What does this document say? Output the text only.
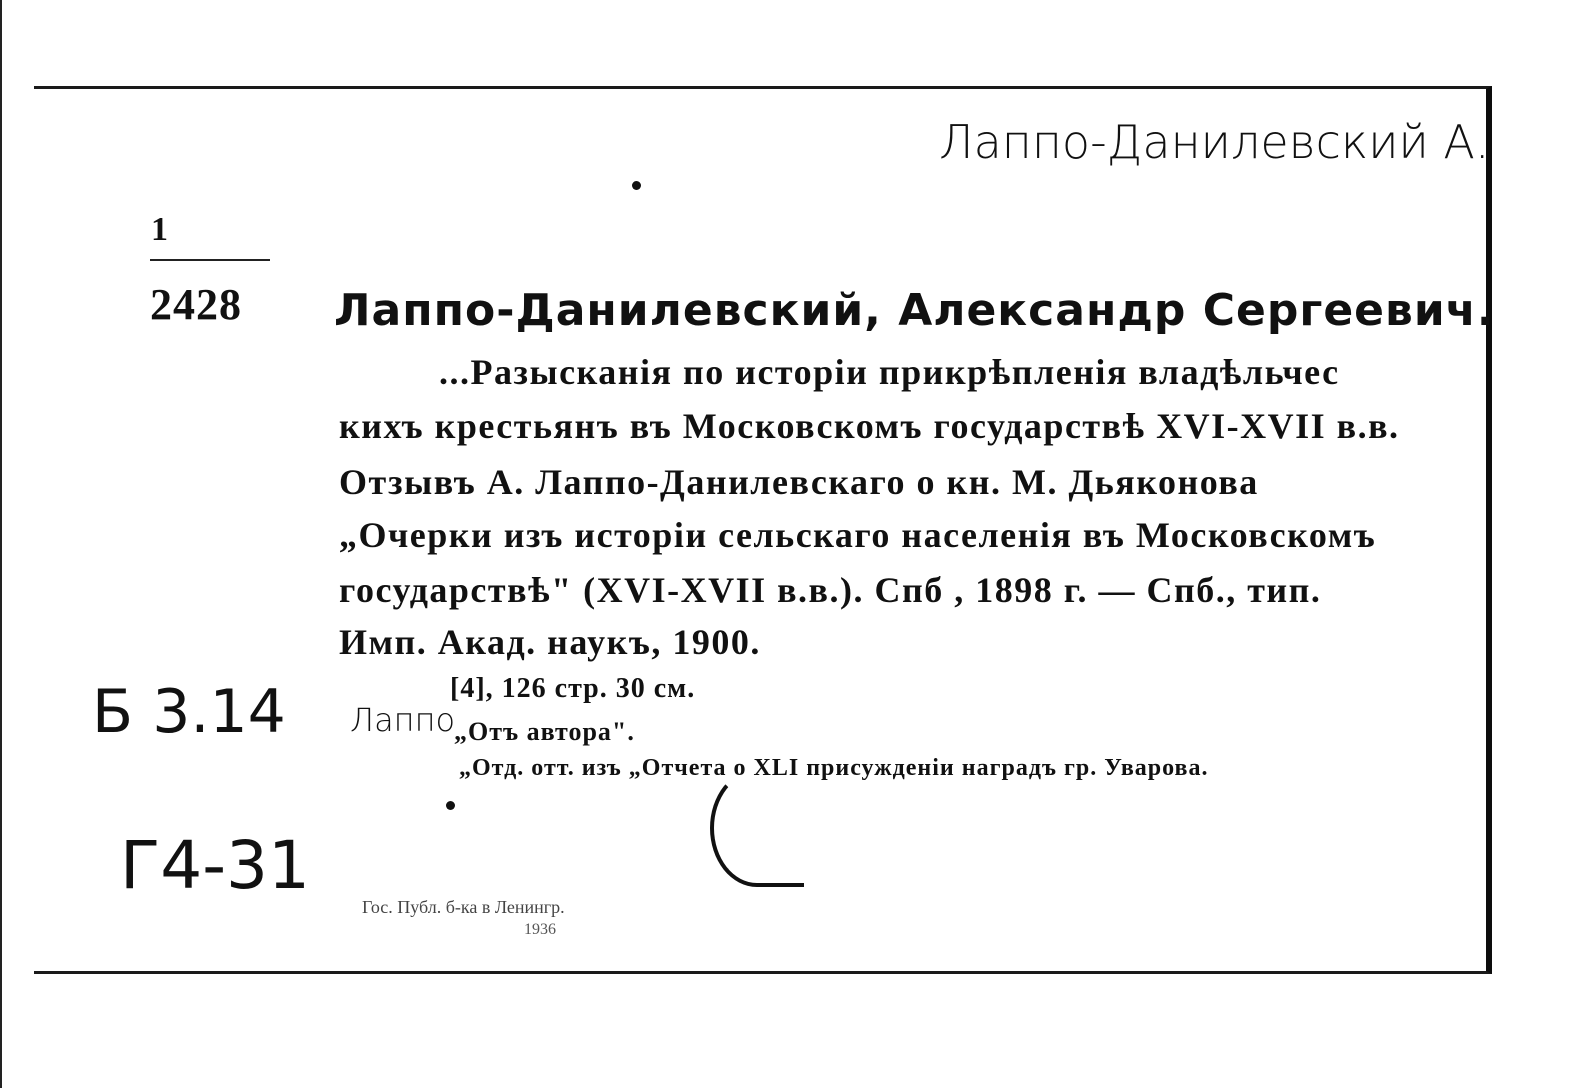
Лаппо-Данилевский А.
1
2428 Лаппо-Данилевский, Александр Сергеевич.
...Разысканія по исторіи прикрѣпленія владѣльчес
кихъ крестьянъ въ Московскомъ государствѣ XVI-XVII в.в.
Отзывъ А. Лаппо-Данилевскаго о кн. М. Дьяконова
„Очерки изъ исторіи сельскаго населенія въ Московскомъ
государствѣ" (XVI-XVII в.в.). Спб , 1898 г. — Спб., тип.
Имп. Акад. наукъ, 1900.
[4], 126 стр. 30 см.
„Отъ автора".
„Отд. отт. изъ „Отчета о XLI присужденіи наградъ гр. Уварова.
Б 3.14 Лаппо
Г4-31
Гос. Публ. б-ка в Ленингр.
1936
